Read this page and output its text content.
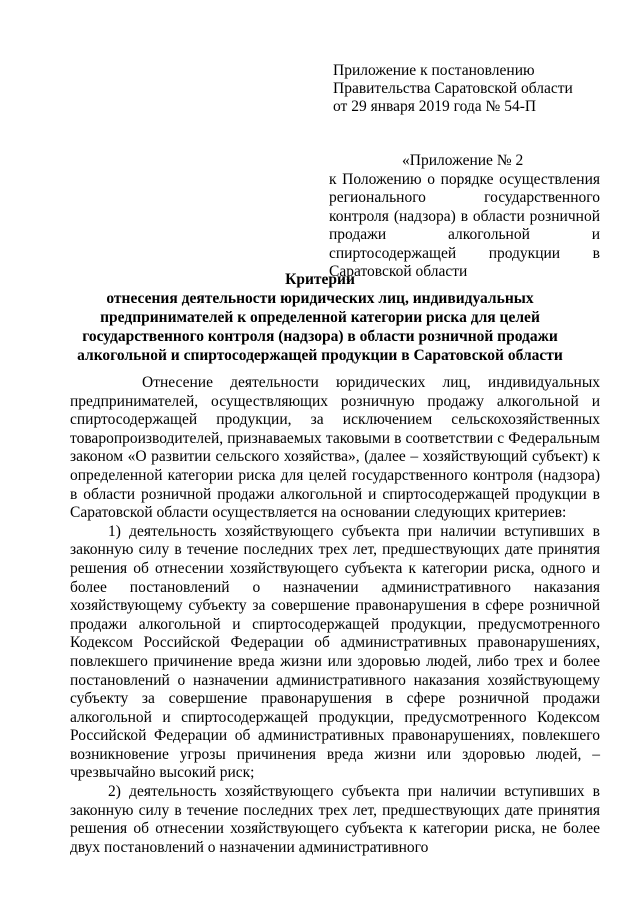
Приложение к постановлению
Правительства Саратовской области
от 29 января 2019 года № 54-П
«Приложение № 2
к Положению о порядке осуществления регионального государственного контроля (надзора) в области розничной продажи алкогольной и спиртосодержащей продукции в Саратовской области
Критерии
отнесения деятельности юридических лиц, индивидуальных предпринимателей к определенной категории риска для целей государственного контроля (надзора) в области розничной продажи алкогольной и спиртосодержащей продукции в Саратовской области

Отнесение деятельности юридических лиц, индивидуальных предпринимателей, осуществляющих розничную продажу алкогольной и спиртосодержащей продукции, за исключением сельскохозяйственных товаропроизводителей, признаваемых таковыми в соответствии с Федеральным законом «О развитии сельского хозяйства», (далее – хозяйствующий субъект) к определенной категории риска для целей государственного контроля (надзора) в области розничной продажи алкогольной и спиртосодержащей продукции в Саратовской области осуществляется на основании следующих критериев:

1) деятельность хозяйствующего субъекта при наличии вступивших в законную силу в течение последних трех лет, предшествующих дате принятия решения об отнесении хозяйствующего субъекта к категории риска, одного и более постановлений о назначении административного наказания хозяйствующему субъекту за совершение правонарушения в сфере розничной продажи алкогольной и спиртосодержащей продукции, предусмотренного Кодексом Российской Федерации об административных правонарушениях, повлекшего причинение вреда жизни или здоровью людей, либо трех и более постановлений о назначении административного наказания хозяйствующему субъекту за совершение правонарушения в сфере розничной продажи алкогольной и спиртосодержащей продукции, предусмотренного Кодексом Российской Федерации об административных правонарушениях, повлекшего возникновение угрозы причинения вреда жизни или здоровью людей, – чрезвычайно высокий риск;

2) деятельность хозяйствующего субъекта при наличии вступивших в законную силу в течение последних трех лет, предшествующих дате принятия решения об отнесении хозяйствующего субъекта к категории риска, не более двух постановлений о назначении административного
